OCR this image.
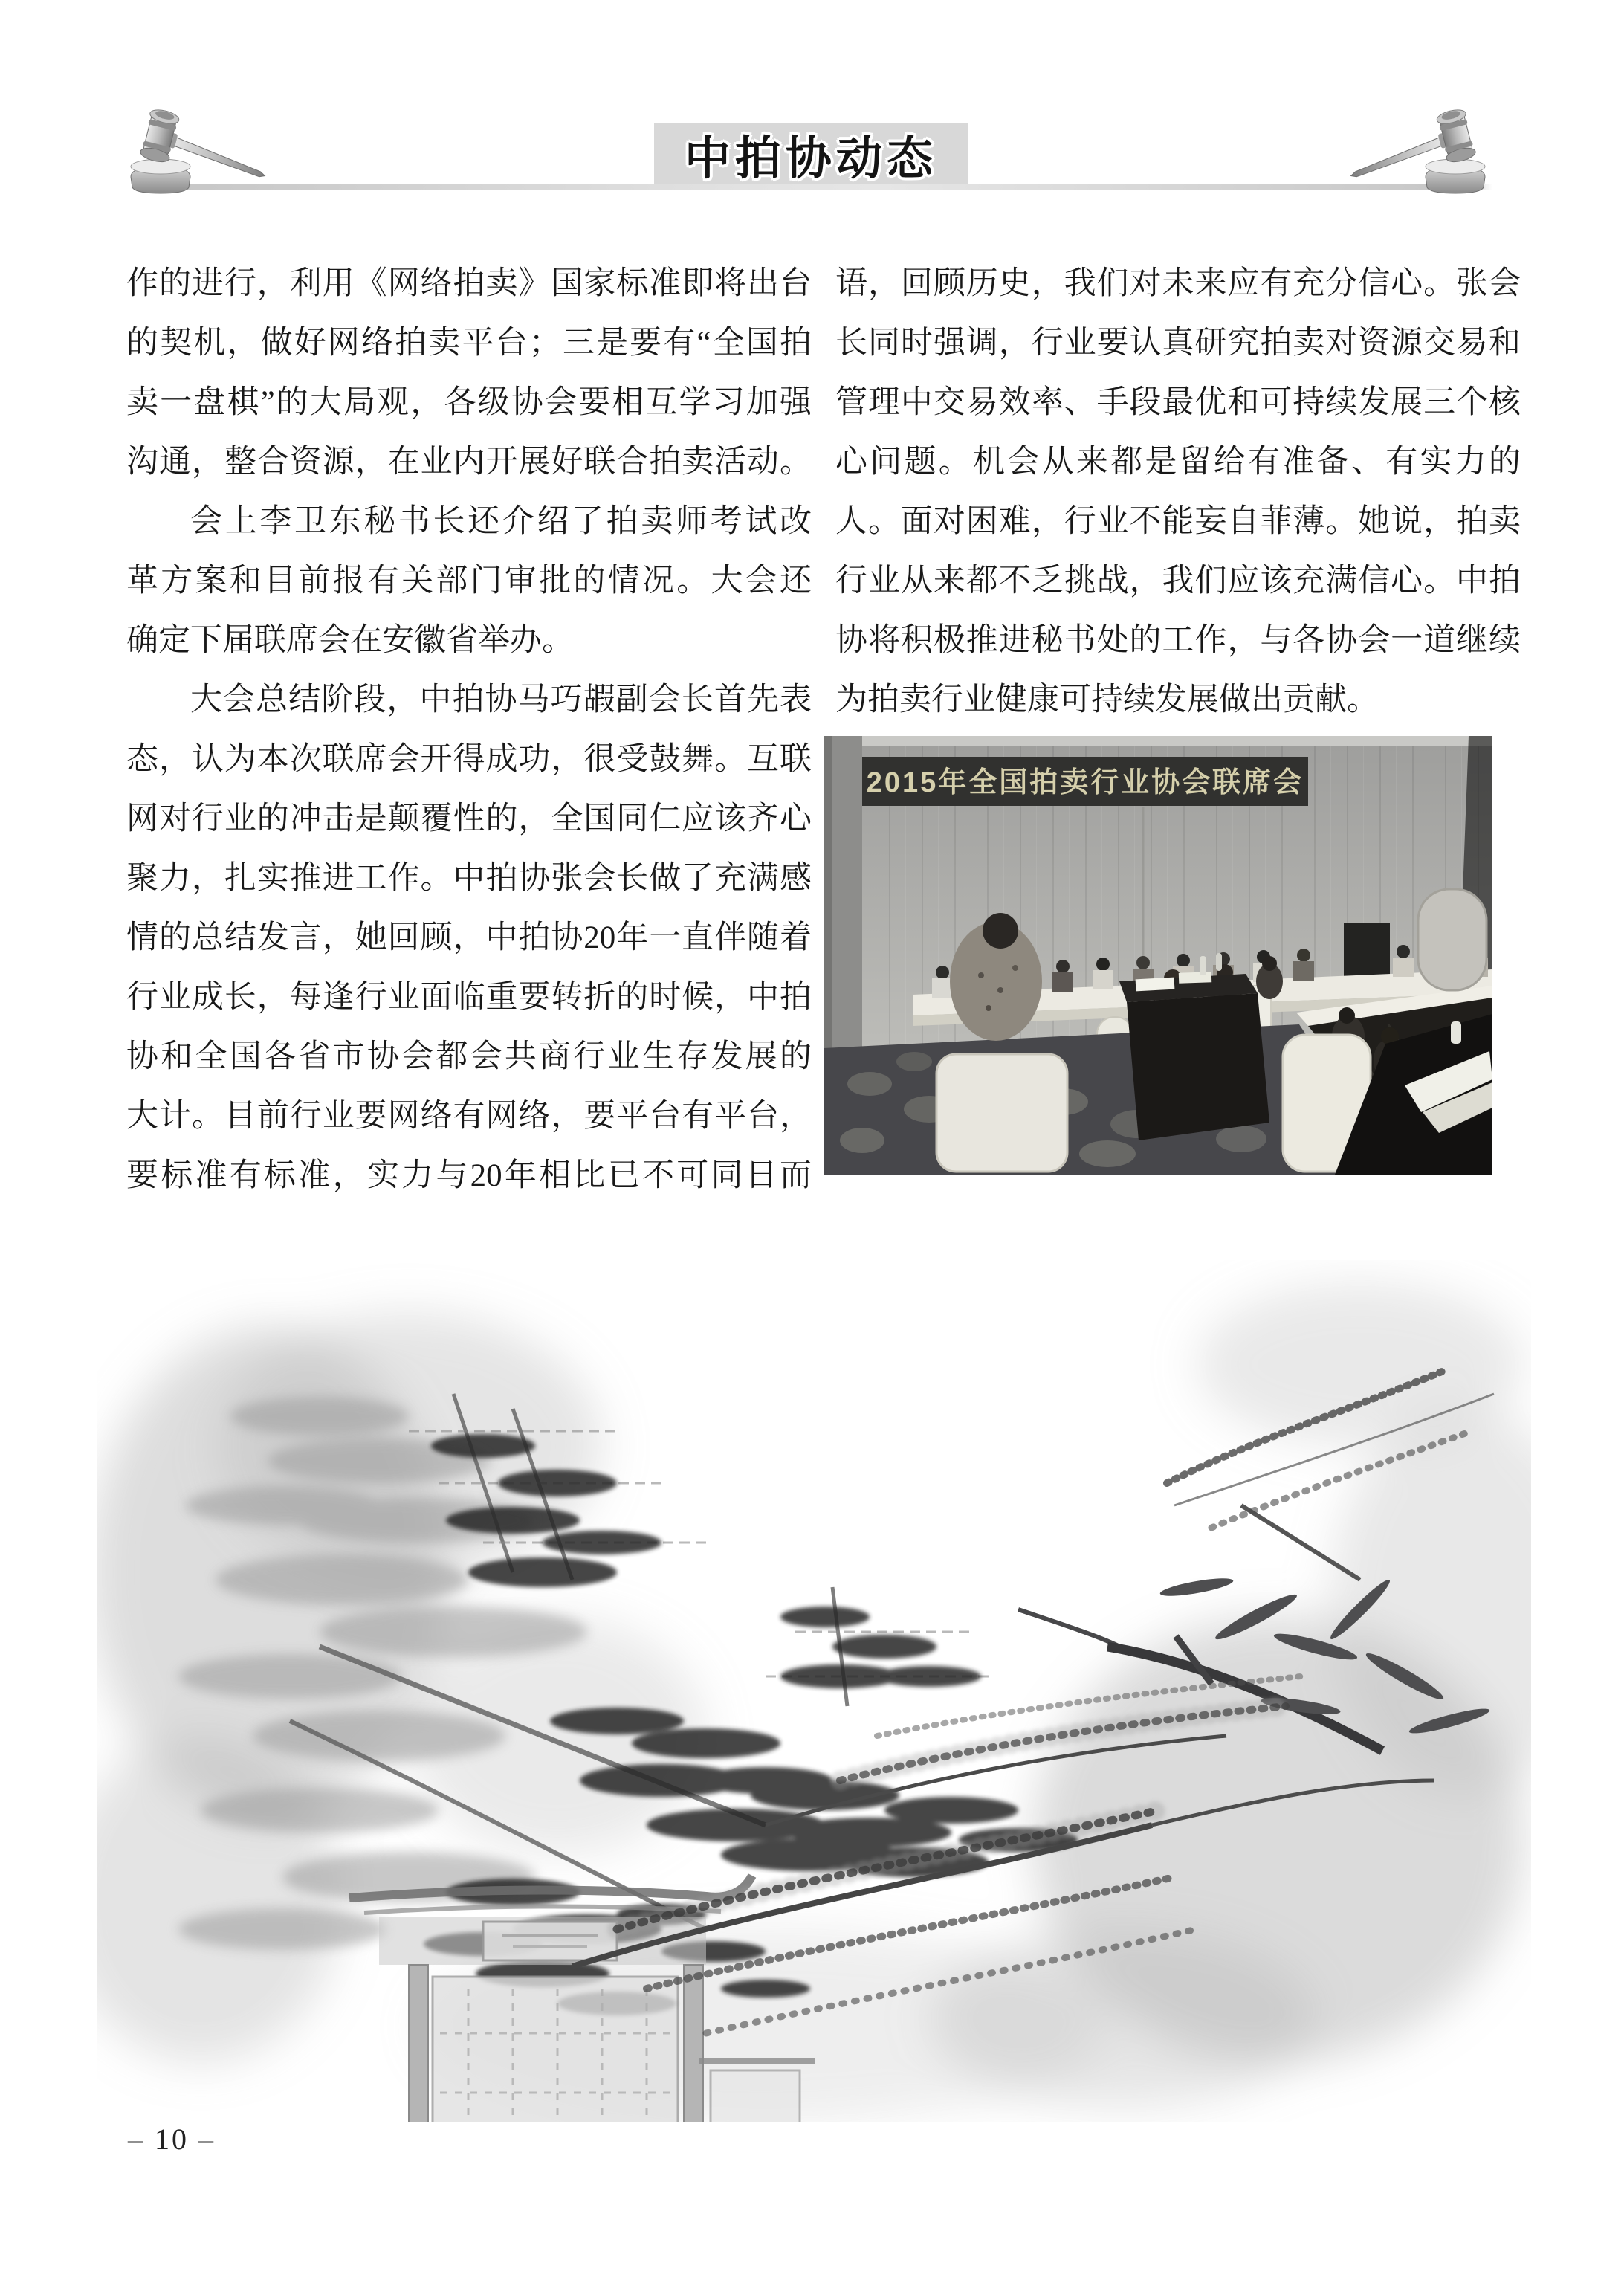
中拍协动态
作的进行，利用《网络拍卖》国家标准即将出台
的契机，做好网络拍卖平台；三是要有“全国拍
卖一盘棋”的大局观，各级协会要相互学习加强
沟通，整合资源，在业内开展好联合拍卖活动。
会上李卫东秘书长还介绍了拍卖师考试改
革方案和目前报有关部门审批的情况。大会还
确定下届联席会在安徽省举办。
大会总结阶段，中拍协马巧嘏副会长首先表
态，认为本次联席会开得成功，很受鼓舞。互联
网对行业的冲击是颠覆性的，全国同仁应该齐心
聚力，扎实推进工作。中拍协张会长做了充满感
情的总结发言，她回顾，中拍协20年一直伴随着
行业成长，每逢行业面临重要转折的时候，中拍
协和全国各省市协会都会共商行业生存发展的
大计。目前行业要网络有网络，要平台有平台，
要标准有标准，实力与20年相比已不可同日而
语，回顾历史，我们对未来应有充分信心。张会
长同时强调，行业要认真研究拍卖对资源交易和
管理中交易效率、手段最优和可持续发展三个核
心问题。机会从来都是留给有准备、有实力的
人。面对困难，行业不能妄自菲薄。她说，拍卖
行业从来都不乏挑战，我们应该充满信心。中拍
协将积极推进秘书处的工作，与各协会一道继续
为拍卖行业健康可持续发展做出贡献。
2015年全国拍卖行业协会联席会
– 10 –
